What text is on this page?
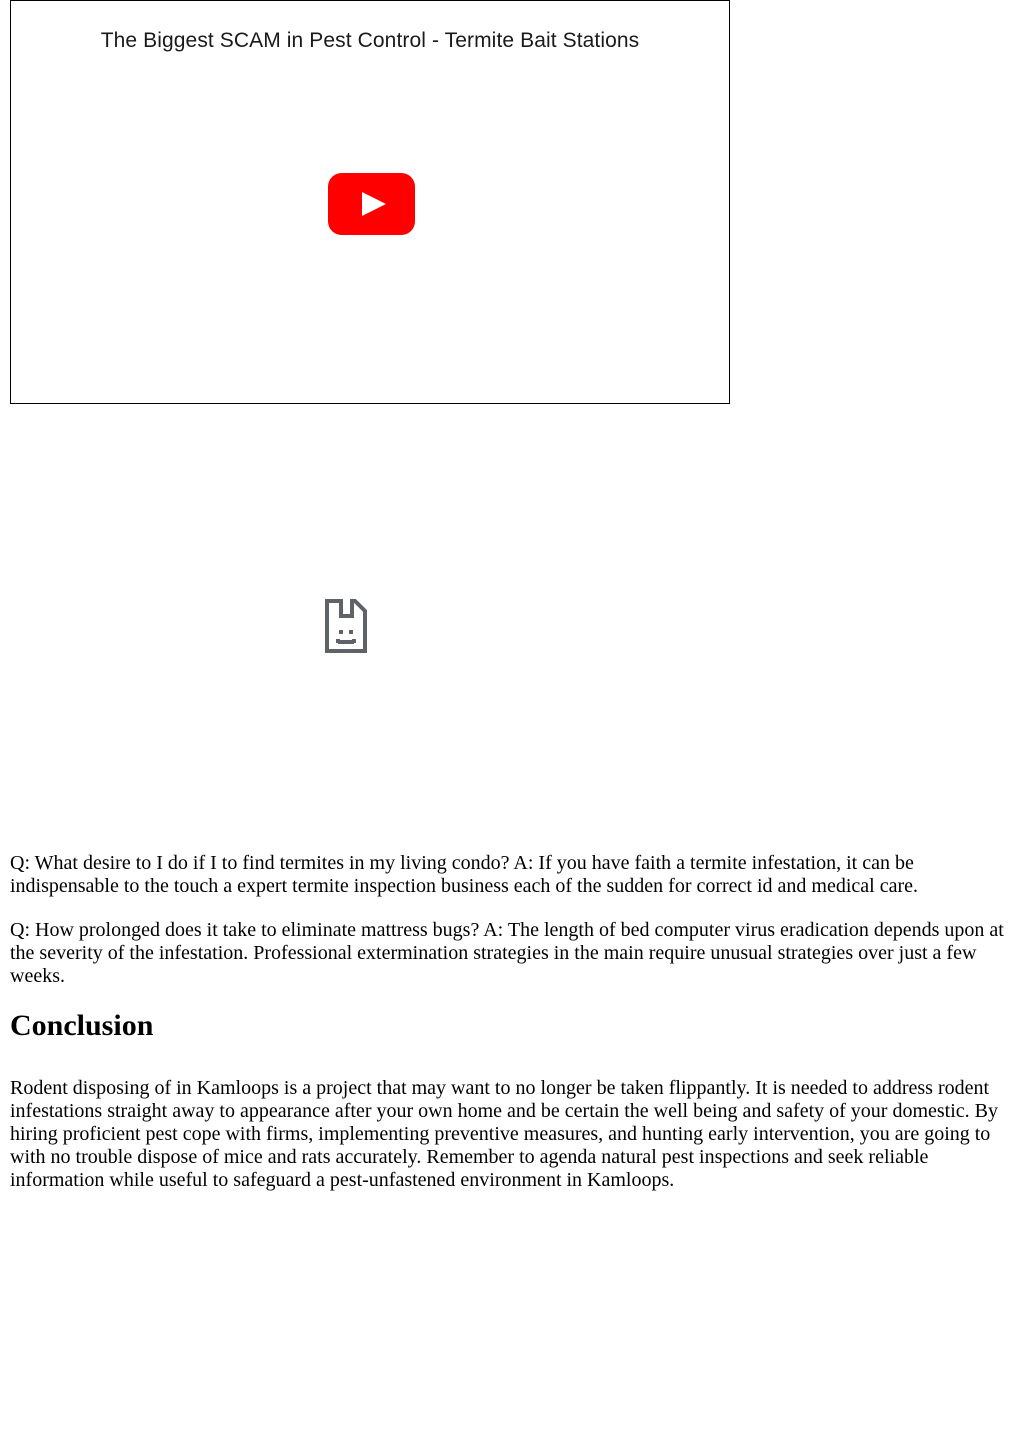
The Biggest SCAM in Pest Control - Termite Bait Stations

Q: What desire to I do if I to find termites in my living condo? A: If you have faith a termite infestation, it can be indispensable to the touch a expert termite inspection business each of the sudden for correct id and medical care.

Q: How prolonged does it take to eliminate mattress bugs? A: The length of bed computer virus eradication depends upon at the severity of the infestation. Professional extermination strategies in the main require unusual strategies over just a few weeks.

Conclusion

Rodent disposing of in Kamloops is a project that may want to no longer be taken flippantly. It is needed to address rodent infestations straight away to appearance after your own home and be certain the well being and safety of your domestic. By hiring proficient pest cope with firms, implementing preventive measures, and hunting early intervention, you are going to with no trouble dispose of mice and rats accurately. Remember to agenda natural pest inspections and seek reliable information while useful to safeguard a pest-unfastened environment in Kamloops.
